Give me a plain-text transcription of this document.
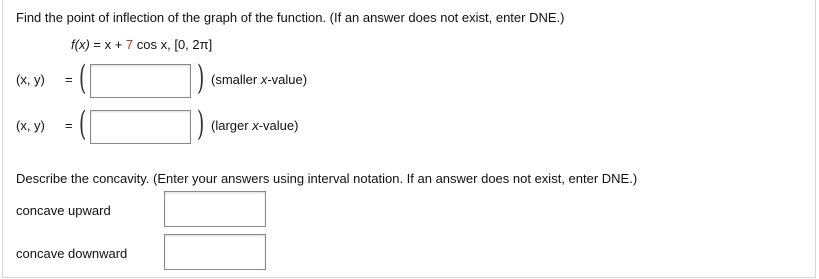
Find the point of inflection of the graph of the function. (If an answer does not exist, enter DNE.)
f(x) = x + 7 cos x, [0, 2π]
(x, y) = (	) (smaller x-value)
(x, y) = (	) (larger x-value)
Describe the concavity. (Enter your answers using interval notation. If an answer does not exist, enter DNE.)
concave upward
concave downward
